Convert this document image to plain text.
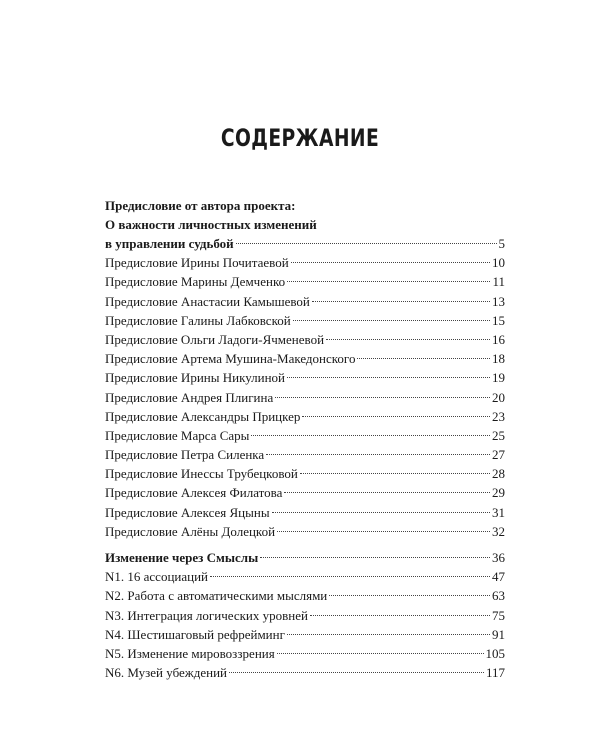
СОДЕРЖАНИЕ
Предисловие от автора проекта:
О важности личностных изменений
в управлении судьбой	5
Предисловие Ирины Почитаевой	10
Предисловие Марины Демченко	11
Предисловие Анастасии Камышевой	13
Предисловие Галины Лабковской	15
Предисловие Ольги Ладоги-Ячменевой	16
Предисловие Артема Мушина-Македонского	18
Предисловие Ирины Никулиной	19
Предисловие Андрея Плигина	20
Предисловие Александры Прицкер	23
Предисловие Марса Сары	25
Предисловие Петра Силенка	27
Предисловие Инессы Трубецковой	28
Предисловие Алексея Филатова	29
Предисловие Алексея Яцыны	31
Предисловие Алёны Долецкой	32
Изменение через Смыслы	36
N1. 16 ассоциаций	47
N2. Работа с автоматическими мыслями	63
N3. Интеграция логических уровней	75
N4. Шестишаговый рефрейминг	91
N5. Изменение мировоззрения	105
N6. Музей убеждений	117
